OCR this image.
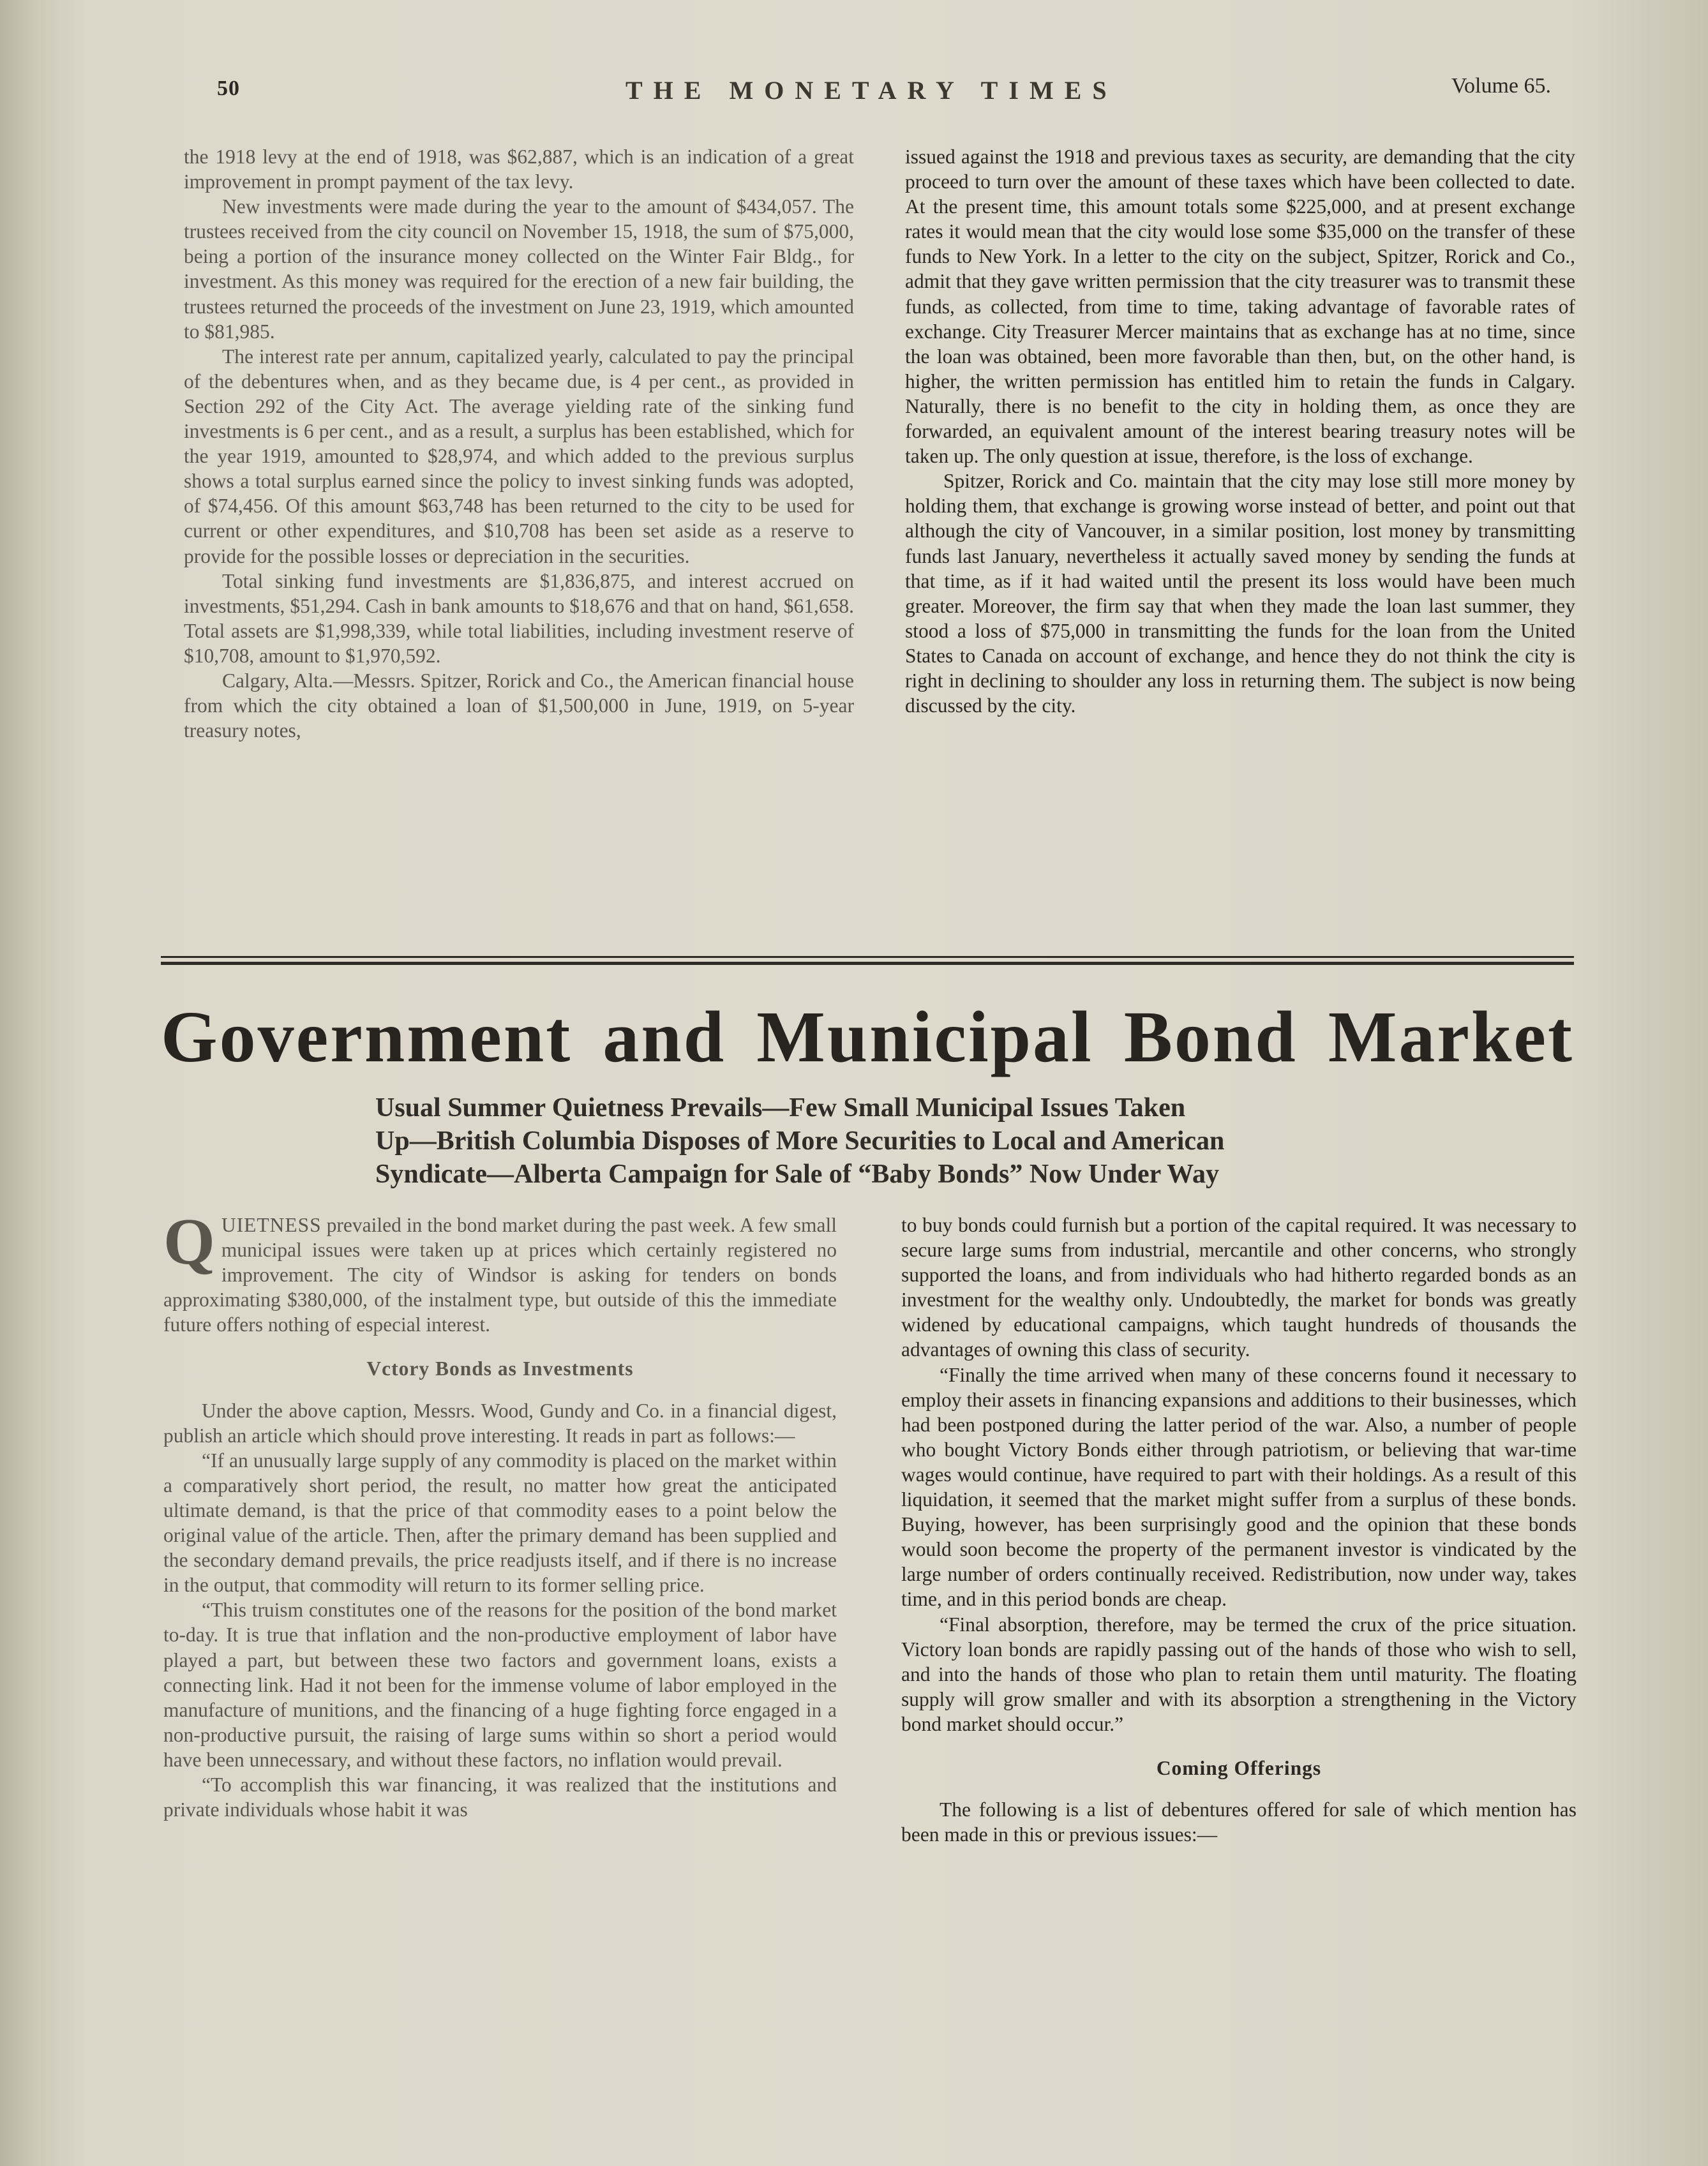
50	THE MONETARY TIMES	Volume 65.

the 1918 levy at the end of 1918, was $62,887, which is an indication of a great improvement in prompt payment of the tax levy.

New investments were made during the year to the amount of $434,057. The trustees received from the city council on November 15, 1918, the sum of $75,000, being a portion of the insurance money collected on the Winter Fair Bldg., for investment. As this money was required for the erection of a new fair building, the trustees returned the proceeds of the investment on June 23, 1919, which amounted to $81,985.

The interest rate per annum, capitalized yearly, calculated to pay the principal of the debentures when, and as they became due, is 4 per cent., as provided in Section 292 of the City Act. The average yielding rate of the sinking fund investments is 6 per cent., and as a result, a surplus has been established, which for the year 1919, amounted to $28,974, and which added to the previous surplus shows a total surplus earned since the policy to invest sinking funds was adopted, of $74,456. Of this amount $63,748 has been returned to the city to be used for current or other expenditures, and $10,708 has been set aside as a reserve to provide for the possible losses or depreciation in the securities.

Total sinking fund investments are $1,836,875, and interest accrued on investments, $51,294. Cash in bank amounts to $18,676 and that on hand, $61,658. Total assets are $1,998,339, while total liabilities, including investment reserve of $10,708, amount to $1,970,592.

Calgary, Alta.—Messrs. Spitzer, Rorick and Co., the American financial house from which the city obtained a loan of $1,500,000 in June, 1919, on 5-year treasury notes,

issued against the 1918 and previous taxes as security, are demanding that the city proceed to turn over the amount of these taxes which have been collected to date. At the present time, this amount totals some $225,000, and at present exchange rates it would mean that the city would lose some $35,000 on the transfer of these funds to New York. In a letter to the city on the subject, Spitzer, Rorick and Co., admit that they gave written permission that the city treasurer was to transmit these funds, as collected, from time to time, taking advantage of favorable rates of exchange. City Treasurer Mercer maintains that as exchange has at no time, since the loan was obtained, been more favorable than then, but, on the other hand, is higher, the written permission has entitled him to retain the funds in Calgary. Naturally, there is no benefit to the city in holding them, as once they are forwarded, an equivalent amount of the interest bearing treasury notes will be taken up. The only question at issue, therefore, is the loss of exchange.

Spitzer, Rorick and Co. maintain that the city may lose still more money by holding them, that exchange is growing worse instead of better, and point out that although the city of Vancouver, in a similar position, lost money by transmitting funds last January, nevertheless it actually saved money by sending the funds at that time, as if it had waited until the present its loss would have been much greater. Moreover, the firm say that when they made the loan last summer, they stood a loss of $75,000 in transmitting the funds for the loan from the United States to Canada on account of exchange, and hence they do not think the city is right in declining to shoulder any loss in returning them. The subject is now being discussed by the city.

Government and Municipal Bond Market
Usual Summer Quietness Prevails—Few Small Municipal Issues Taken
Up—British Columbia Disposes of More Securities to Local and American
Syndicate—Alberta Campaign for Sale of “Baby Bonds” Now Under Way

QUIETNESS prevailed in the bond market during the past week. A few small municipal issues were taken up at prices which certainly registered no improvement. The city of Windsor is asking for tenders on bonds approximating $380,000, of the instalment type, but outside of this the immediate future offers nothing of especial interest.

Vctory Bonds as Investments

Under the above caption, Messrs. Wood, Gundy and Co. in a financial digest, publish an article which should prove interesting. It reads in part as follows:—

“If an unusually large supply of any commodity is placed on the market within a comparatively short period, the result, no matter how great the anticipated ultimate demand, is that the price of that commodity eases to a point below the original value of the article. Then, after the primary demand has been supplied and the secondary demand prevails, the price readjusts itself, and if there is no increase in the output, that commodity will return to its former selling price.

“This truism constitutes one of the reasons for the position of the bond market to-day. It is true that inflation and the non-productive employment of labor have played a part, but between these two factors and government loans, exists a connecting link. Had it not been for the immense volume of labor employed in the manufacture of munitions, and the financing of a huge fighting force engaged in a non-productive pursuit, the raising of large sums within so short a period would have been unnecessary, and without these factors, no inflation would prevail.

“To accomplish this war financing, it was realized that the institutions and private individuals whose habit it was

to buy bonds could furnish but a portion of the capital required. It was necessary to secure large sums from industrial, mercantile and other concerns, who strongly supported the loans, and from individuals who had hitherto regarded bonds as an investment for the wealthy only. Undoubtedly, the market for bonds was greatly widened by educational campaigns, which taught hundreds of thousands the advantages of owning this class of security.

“Finally the time arrived when many of these concerns found it necessary to employ their assets in financing expansions and additions to their businesses, which had been postponed during the latter period of the war. Also, a number of people who bought Victory Bonds either through patriotism, or believing that war-time wages would continue, have required to part with their holdings. As a result of this liquidation, it seemed that the market might suffer from a surplus of these bonds. Buying, however, has been surprisingly good and the opinion that these bonds would soon become the property of the permanent investor is vindicated by the large number of orders continually received. Redistribution, now under way, takes time, and in this period bonds are cheap.

“Final absorption, therefore, may be termed the crux of the price situation. Victory loan bonds are rapidly passing out of the hands of those who wish to sell, and into the hands of those who plan to retain them until maturity. The floating supply will grow smaller and with its absorption a strengthening in the Victory bond market should occur.”

Coming Offerings

The following is a list of debentures offered for sale of which mention has been made in this or previous issues:—
